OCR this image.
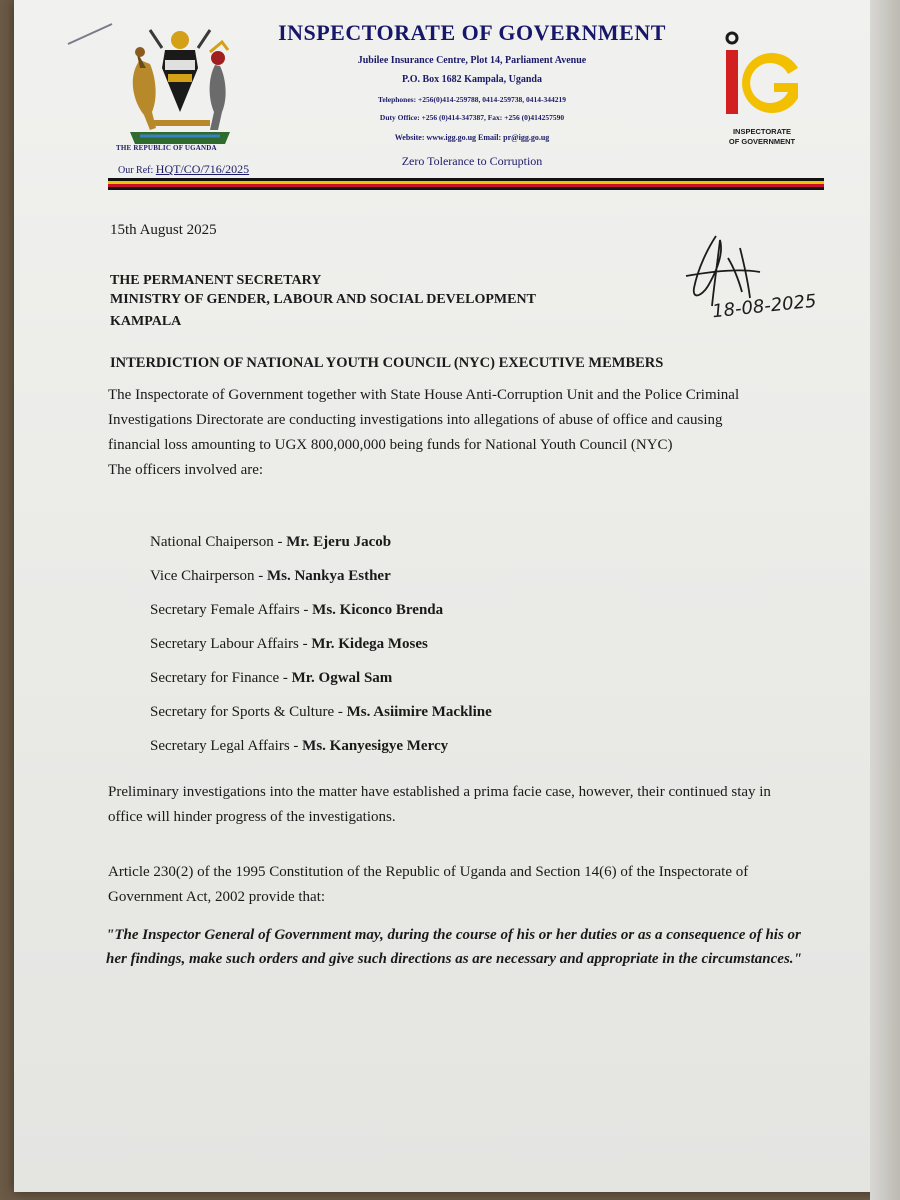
THE REPUBLIC OF UGANDA
Our Ref: HQT/CO/716/2025
INSPECTORATE OF GOVERNMENT
Jubilee Insurance Centre, Plot 14, Parliament Avenue
P.O. Box 1682 Kampala, Uganda
Telephones: +256(0)414-259788, 0414-259738, 0414-344219
Duty Office: +256 (0)414-347387, Fax: +256 (0)414257590
Website: www.igg.go.ug Email: pr@igg.go.ug
Zero Tolerance to Corruption
INSPECTORATE
OF GOVERNMENT
15th August 2025
THE PERMANENT SECRETARY
MINISTRY OF GENDER, LABOUR AND SOCIAL DEVELOPMENT
KAMPALA	18-08-2025
INTERDICTION OF NATIONAL YOUTH COUNCIL (NYC) EXECUTIVE MEMBERS
The Inspectorate of Government together with State House Anti-Corruption Unit and the Police Criminal Investigations Directorate are conducting investigations into allegations of abuse of office and causing financial loss amounting to UGX 800,000,000 being funds for National Youth Council (NYC)
The officers involved are:
National Chaiperson - Mr. Ejeru Jacob
Vice Chairperson - Ms. Nankya Esther
Secretary Female Affairs - Ms. Kiconco Brenda
Secretary Labour Affairs - Mr. Kidega Moses
Secretary for Finance - Mr. Ogwal Sam
Secretary for Sports & Culture - Ms. Asiimire Mackline
Secretary Legal Affairs - Ms. Kanyesigye Mercy
Preliminary investigations into the matter have established a prima facie case, however, their continued stay in office will hinder progress of the investigations.
Article 230(2) of the 1995 Constitution of the Republic of Uganda and Section 14(6) of the Inspectorate of Government Act, 2002 provide that:
"The Inspector General of Government may, during the course of his or her duties or as a consequence of his or her findings, make such orders and give such directions as are necessary and appropriate in the circumstances."
